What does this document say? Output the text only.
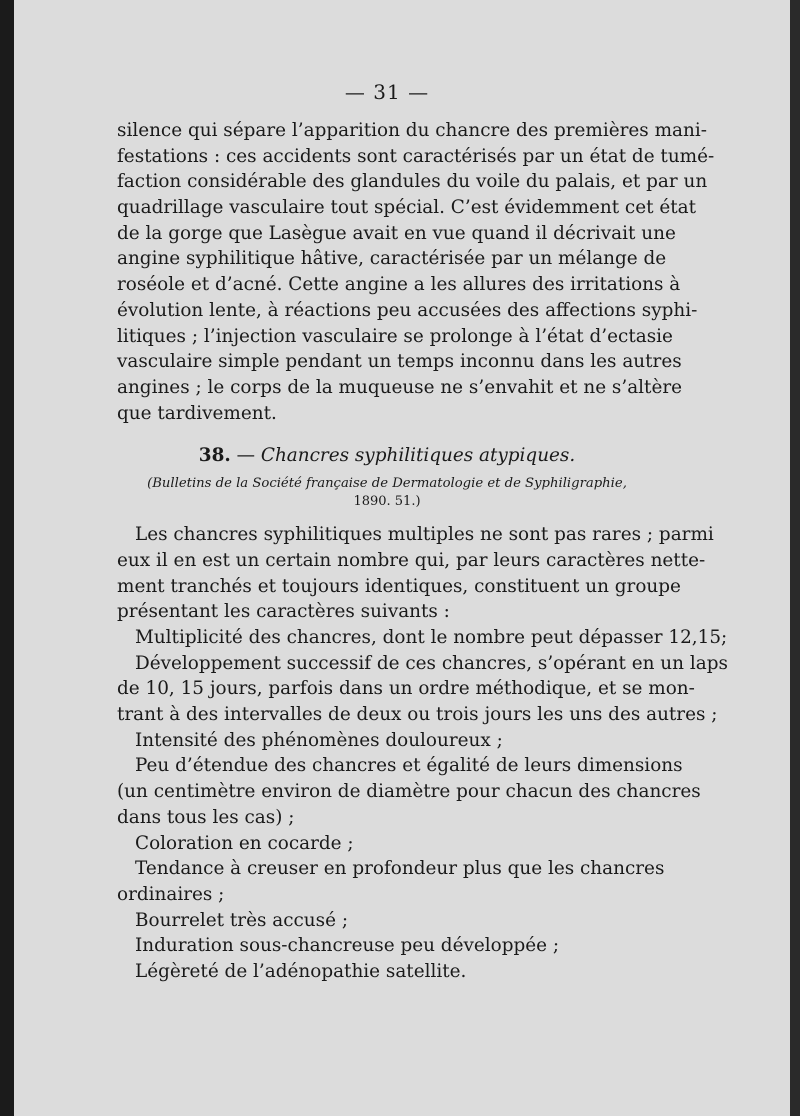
— 31 —
silence qui sépare l’apparition du chancre des premières mani-
festations : ces accidents sont caractérisés par un état de tumé-
faction considérable des glandules du voile du palais, et par un
quadrillage vasculaire tout spécial. C’est évidemment cet état
de la gorge que Lasègue avait en vue quand il décrivait une
angine syphilitique hâtive, caractérisée par un mélange de
roséole et d’acné. Cette angine a les allures des irritations à
évolution lente, à réactions peu accusées des affections syphi-
litiques ; l’injection vasculaire se prolonge à l’état d’ectasie
vasculaire simple pendant un temps inconnu dans les autres
angines ; le corps de la muqueuse ne s’envahit et ne s’altère
que tardivement.
38. — Chancres syphilitiques atypiques.
(Bulletins de la Société française de Dermatologie et de Syphiligraphie,
1890. 51.)
Les chancres syphilitiques multiples ne sont pas rares ; parmi
eux il en est un certain nombre qui, par leurs caractères nette-
ment tranchés et toujours identiques, constituent un groupe
présentant les caractères suivants :
Multiplicité des chancres, dont le nombre peut dépasser 12,15;
Développement successif de ces chancres, s’opérant en un laps
de 10, 15 jours, parfois dans un ordre méthodique, et se mon-
trant à des intervalles de deux ou trois jours les uns des autres ;
Intensité des phénomènes douloureux ;
Peu d’étendue des chancres et égalité de leurs dimensions
(un centimètre environ de diamètre pour chacun des chancres
dans tous les cas) ;
Coloration en cocarde ;
Tendance à creuser en profondeur plus que les chancres
ordinaires ;
Bourrelet très accusé ;
Induration sous-chancreuse peu développée ;
Légèreté de l’adénopathie satellite.
